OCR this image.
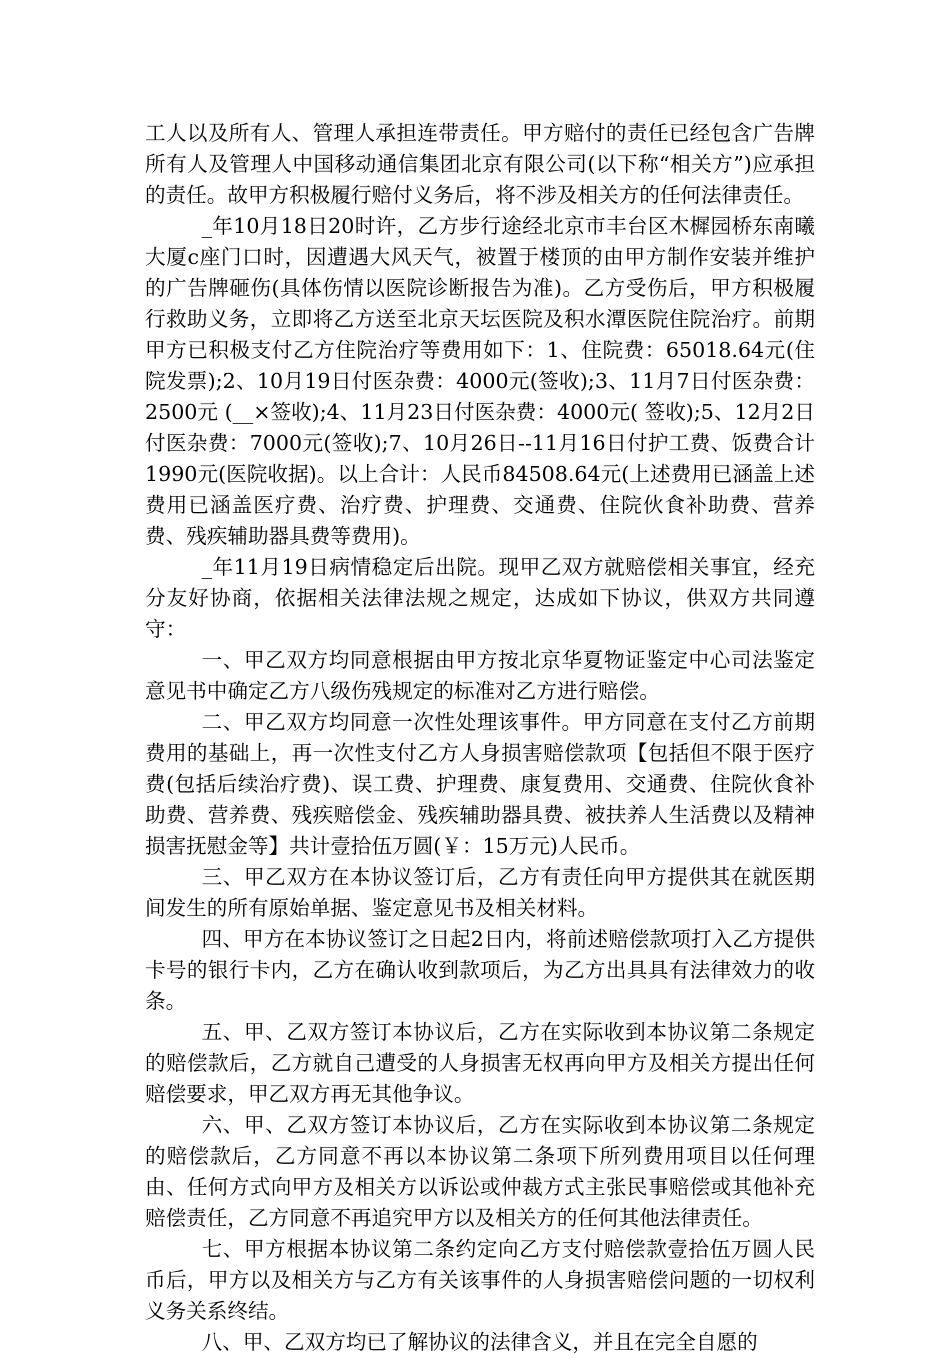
工人以及所有人、管理人承担连带责任。甲方赔付的责任已经包含广告牌所有人及管理人中国移动通信集团北京有限公司(以下称“相关方”)应承担的责任。故甲方积极履行赔付义务后，将不涉及相关方的任何法律责任。

_年10月18日20时许，乙方步行途经北京市丰台区木樨园桥东南曦大厦c座门口时，因遭遇大风天气，被置于楼顶的由甲方制作安装并维护的广告牌砸伤(具体伤情以医院诊断报告为准)。乙方受伤后，甲方积极履行救助义务，立即将乙方送至北京天坛医院及积水潭医院住院治疗。前期甲方已积极支付乙方住院治疗等费用如下：1、住院费：65018.64元(住院发票);2、10月19日付医杂费：4000元(签收);3、11月7日付医杂费：2500元 (__×签收);4、11月23日付医杂费：4000元( 签收);5、12月2日付医杂费：7000元(签收);7、10月26日--11月16日付护工费、饭费合计1990元(医院收据)。以上合计：人民币84508.64元(上述费用已涵盖上述费用已涵盖医疗费、治疗费、护理费、交通费、住院伙食补助费、营养费、残疾辅助器具费等费用)。

_年11月19日病情稳定后出院。现甲乙双方就赔偿相关事宜，经充分友好协商，依据相关法律法规之规定，达成如下协议，供双方共同遵守：

一、甲乙双方均同意根据由甲方按北京华夏物证鉴定中心司法鉴定意见书中确定乙方八级伤残规定的标准对乙方进行赔偿。

二、甲乙双方均同意一次性处理该事件。甲方同意在支付乙方前期费用的基础上，再一次性支付乙方人身损害赔偿款项【包括但不限于医疗费(包括后续治疗费)、误工费、护理费、康复费用、交通费、住院伙食补助费、营养费、残疾赔偿金、残疾辅助器具费、被扶养人生活费以及精神损害抚慰金等】共计壹拾伍万圆(￥：15万元)人民币。

三、甲乙双方在本协议签订后，乙方有责任向甲方提供其在就医期间发生的所有原始单据、鉴定意见书及相关材料。

四、甲方在本协议签订之日起2日内，将前述赔偿款项打入乙方提供卡号的银行卡内，乙方在确认收到款项后，为乙方出具具有法律效力的收条。

五、甲、乙双方签订本协议后，乙方在实际收到本协议第二条规定的赔偿款后，乙方就自己遭受的人身损害无权再向甲方及相关方提出任何赔偿要求，甲乙双方再无其他争议。

六、甲、乙双方签订本协议后，乙方在实际收到本协议第二条规定的赔偿款后，乙方同意不再以本协议第二条项下所列费用项目以任何理由、任何方式向甲方及相关方以诉讼或仲裁方式主张民事赔偿或其他补充赔偿责任，乙方同意不再追究甲方以及相关方的任何其他法律责任。

七、甲方根据本协议第二条约定向乙方支付赔偿款壹拾伍万圆人民币后，甲方以及相关方与乙方有关该事件的人身损害赔偿问题的一切权利义务关系终结。

八、甲、乙双方均已了解协议的法律含义，并且在完全自愿的
